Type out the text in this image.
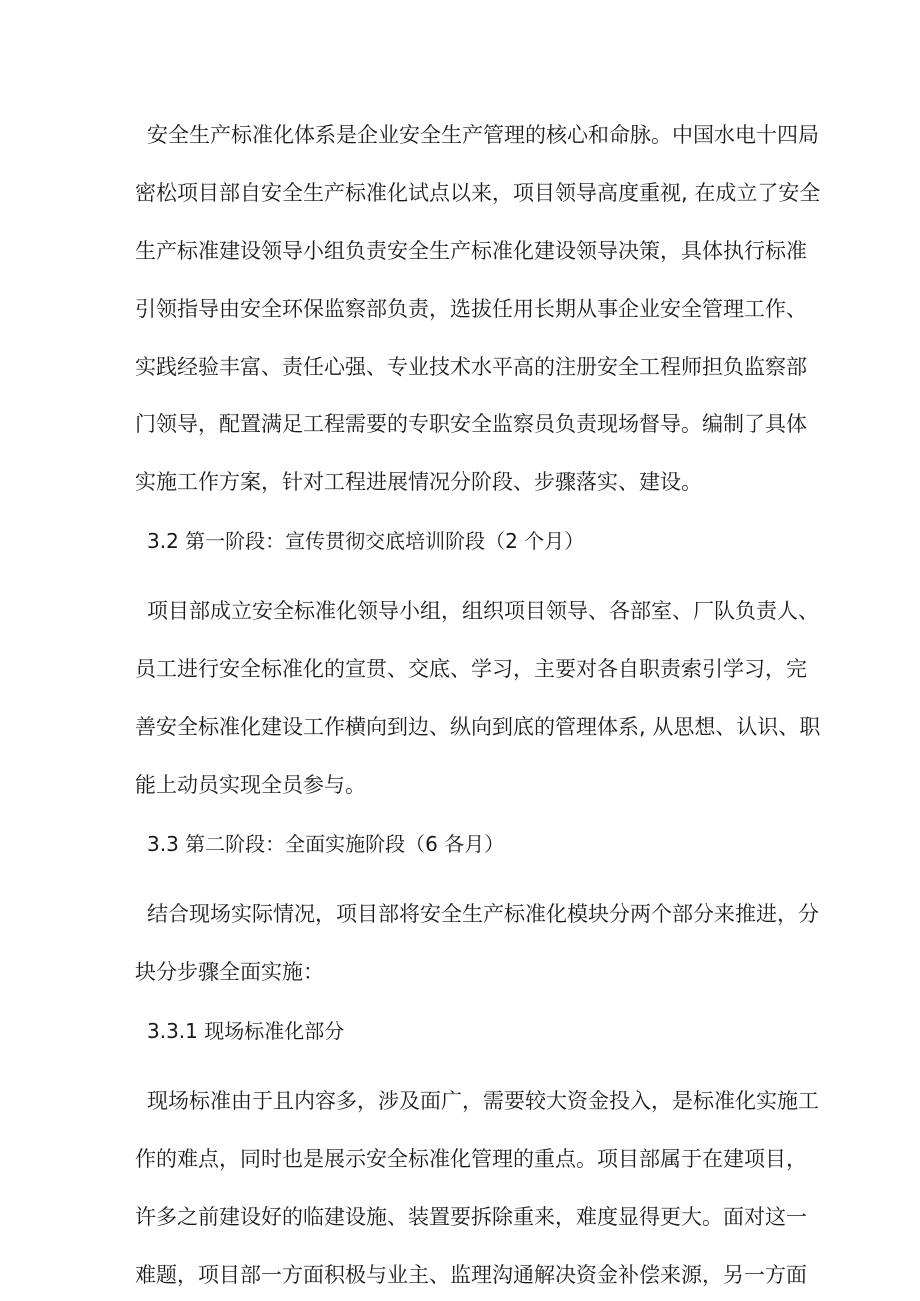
安全生产标准化体系是企业安全生产管理的核心和命脉。中国水电十四局
密松项目部自安全生产标准化试点以来，项目领导高度重视, 在成立了安全
生产标准建设领导小组负责安全生产标准化建设领导决策，具体执行标准
引领指导由安全环保监察部负责，选拔任用长期从事企业安全管理工作、
实践经验丰富、责任心强、专业技术水平高的注册安全工程师担负监察部
门领导，配置满足工程需要的专职安全监察员负责现场督导。编制了具体
实施工作方案，针对工程进展情况分阶段、步骤落实、建设。
3.2 第一阶段：宣传贯彻交底培训阶段（2 个月）
项目部成立安全标准化领导小组，组织项目领导、各部室、厂队负责人、
员工进行安全标准化的宣贯、交底、学习，主要对各自职责索引学习，完
善安全标准化建设工作横向到边、纵向到底的管理体系, 从思想、认识、职
能上动员实现全员参与。
3.3 第二阶段：全面实施阶段（6 各月）
结合现场实际情况，项目部将安全生产标准化模块分两个部分来推进，分
块分步骤全面实施：
3.3.1 现场标准化部分
现场标准由于且内容多，涉及面广，需要较大资金投入，是标准化实施工
作的难点，同时也是展示安全标准化管理的重点。项目部属于在建项目，
许多之前建设好的临建设施、装置要拆除重来，难度显得更大。面对这一
难题，项目部一方面积极与业主、监理沟通解决资金补偿来源，另一方面
